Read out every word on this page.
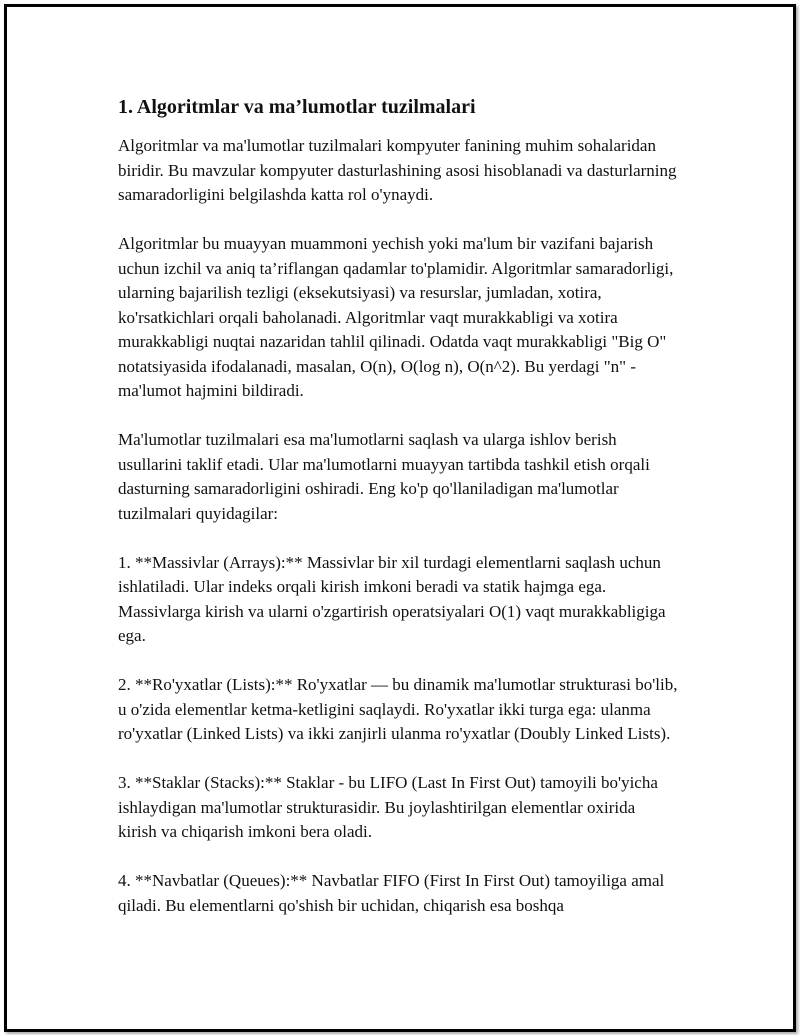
1. Algoritmlar va ma’lumotlar tuzilmalari

Algoritmlar va ma'lumotlar tuzilmalari kompyuter fanining muhim sohalaridan biridir. Bu mavzular kompyuter dasturlashining asosi hisoblanadi va dasturlarning samaradorligini belgilashda katta rol o'ynaydi.

Algoritmlar bu muayyan muammoni yechish yoki ma'lum bir vazifani bajarish uchun izchil va aniq ta’riflangan qadamlar to'plamidir. Algoritmlar samaradorligi, ularning bajarilish tezligi (eksekutsiyasi) va resurslar, jumladan, xotira, ko'rsatkichlari orqali baholanadi. Algoritmlar vaqt murakkabligi va xotira murakkabligi nuqtai nazaridan tahlil qilinadi. Odatda vaqt murakkabligi "Big O" notatsiyasida ifodalanadi, masalan, O(n), O(log n), O(n^2). Bu yerdagi "n" - ma'lumot hajmini bildiradi.

Ma'lumotlar tuzilmalari esa ma'lumotlarni saqlash va ularga ishlov berish usullarini taklif etadi. Ular ma'lumotlarni muayyan tartibda tashkil etish orqali dasturning samaradorligini oshiradi. Eng ko'p qo'llaniladigan ma'lumotlar tuzilmalari quyidagilar:

1. **Massivlar (Arrays):** Massivlar bir xil turdagi elementlarni saqlash uchun ishlatiladi. Ular indeks orqali kirish imkoni beradi va statik hajmga ega. Massivlarga kirish va ularni o'zgartirish operatsiyalari O(1) vaqt murakkabligiga ega.

2. **Ro'yxatlar (Lists):** Ro'yxatlar — bu dinamik ma'lumotlar strukturasi bo'lib, u o'zida elementlar ketma-ketligini saqlaydi. Ro'yxatlar ikki turga ega: ulanma ro'yxatlar (Linked Lists) va ikki zanjirli ulanma ro'yxatlar (Doubly Linked Lists).

3. **Staklar (Stacks):** Staklar - bu LIFO (Last In First Out) tamoyili bo'yicha ishlaydigan ma'lumotlar strukturasidir. Bu joylashtirilgan elementlar oxirida kirish va chiqarish imkoni bera oladi.

4. **Navbatlar (Queues):** Navbatlar FIFO (First In First Out) tamoyiliga amal qiladi. Bu elementlarni qo'shish bir uchidan, chiqarish esa boshqa
